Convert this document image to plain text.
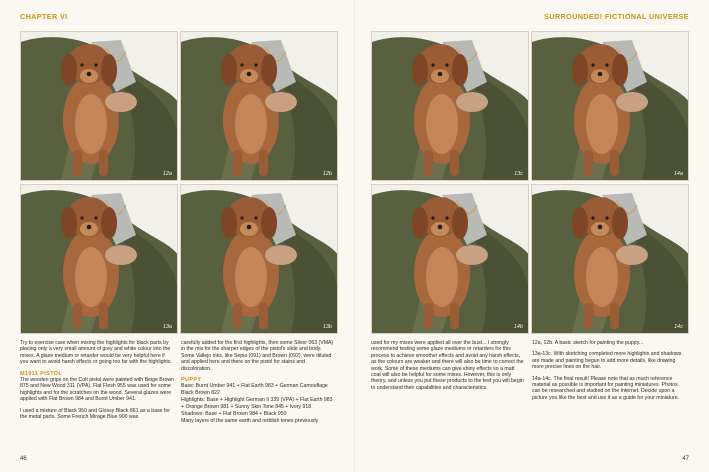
CHAPTER VI
12a	12b
13a	13b

Try to exercise care when mixing the highlights for black parts by placing only a very small amount of grey and white colour into the mixes. A glaze medium or retarder would be very helpful here if you want to avoid harsh effects or going too far with the highlights.

M1911 PISTOL

The wooden grips on the Colt pistol were painted with Beige Brown 875 and New Wood 311 (VPA). Flat Flesh 955 was used for some highlights and for the scratches on the wood. Several glazes were applied with Flat Brown 984 and Burnt Umber 941.

I used a mixture of Black 950 and Glossy Black 861 as a base for the metal parts. Some French Mirage Blue 900 was

carefully added for the first highlights, then some Silver 063 (VMA) in the mix for the sharper edges of the pistol's slide and body. Some Vallejo inks, like Sepia (091) and Brown (092), were diluted and applied here and there on the pistol for stains and discoloration.

PUPPY

Base: Burnt Umber 941 + Flat Earth 983 + German Camouflage Black Brown 822

Highlights: Base + Highlight German II 339 (VPA) + Flat Earth 983 + Orange Brown 981 + Sunny Skin Tone 845 + Ivory 918

Shadows: Base + Flat Brown 984 + Black 950

Many layers of the same earth and reddish tones previously

46
SURROUNDED! FICTIONAL UNIVERSE
13c	14a
14b	14c

used for my mixes were applied all over the bust... I strongly recommend testing some glaze mediums or retarders for this process to achieve smoother effects and avoid any harsh effects, as the colours are weaker and there will also be time to correct the work. Some of these mediums can give shiny effects so a matt coat will also be helpful for some mixes. However, this is only theory, and unless you put these products to the test you will begin to understand their capabilities and characteristics.

12a, 12b. A basic sketch for painting the puppy...

13a-13c. With sketching completed more highlights and shadows are made and painting begun to add more details, like drawing more precise lines on the hair.

14a-14c. The final result! Please note that as much reference material as possible is important for painting miniatures. Photos can be researched and studied on the Internet. Decide upon a picture you like the best and use it as a guide for your miniature.

47
